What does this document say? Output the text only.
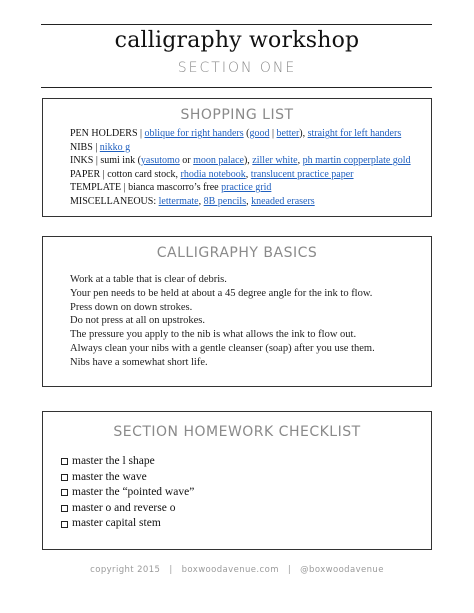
calligraphy workshop
SECTION ONE
SHOPPING LIST
PEN HOLDERS | oblique for right handers (good | better), straight for left handers
NIBS | nikko g
INKS | sumi ink (yasutomo or moon palace), ziller white, ph martin copperplate gold
PAPER | cotton card stock, rhodia notebook, translucent practice paper
TEMPLATE | bianca mascorro’s free practice grid
MISCELLANEOUS: lettermate, 8B pencils, kneaded erasers
CALLIGRAPHY BASICS
Work at a table that is clear of debris.
Your pen needs to be held at about a 45 degree angle for the ink to flow.
Press down on down strokes.
Do not press at all on upstrokes.
The pressure you apply to the nib is what allows the ink to flow out.
Always clean your nibs with a gentle cleanser (soap) after you use them.
Nibs have a somewhat short life.
SECTION HOMEWORK CHECKLIST
master the l shape
master the wave
master the “pointed wave”
master o and reverse o
master capital stem
copyright 2015 | boxwoodavenue.com | @boxwoodavenue
